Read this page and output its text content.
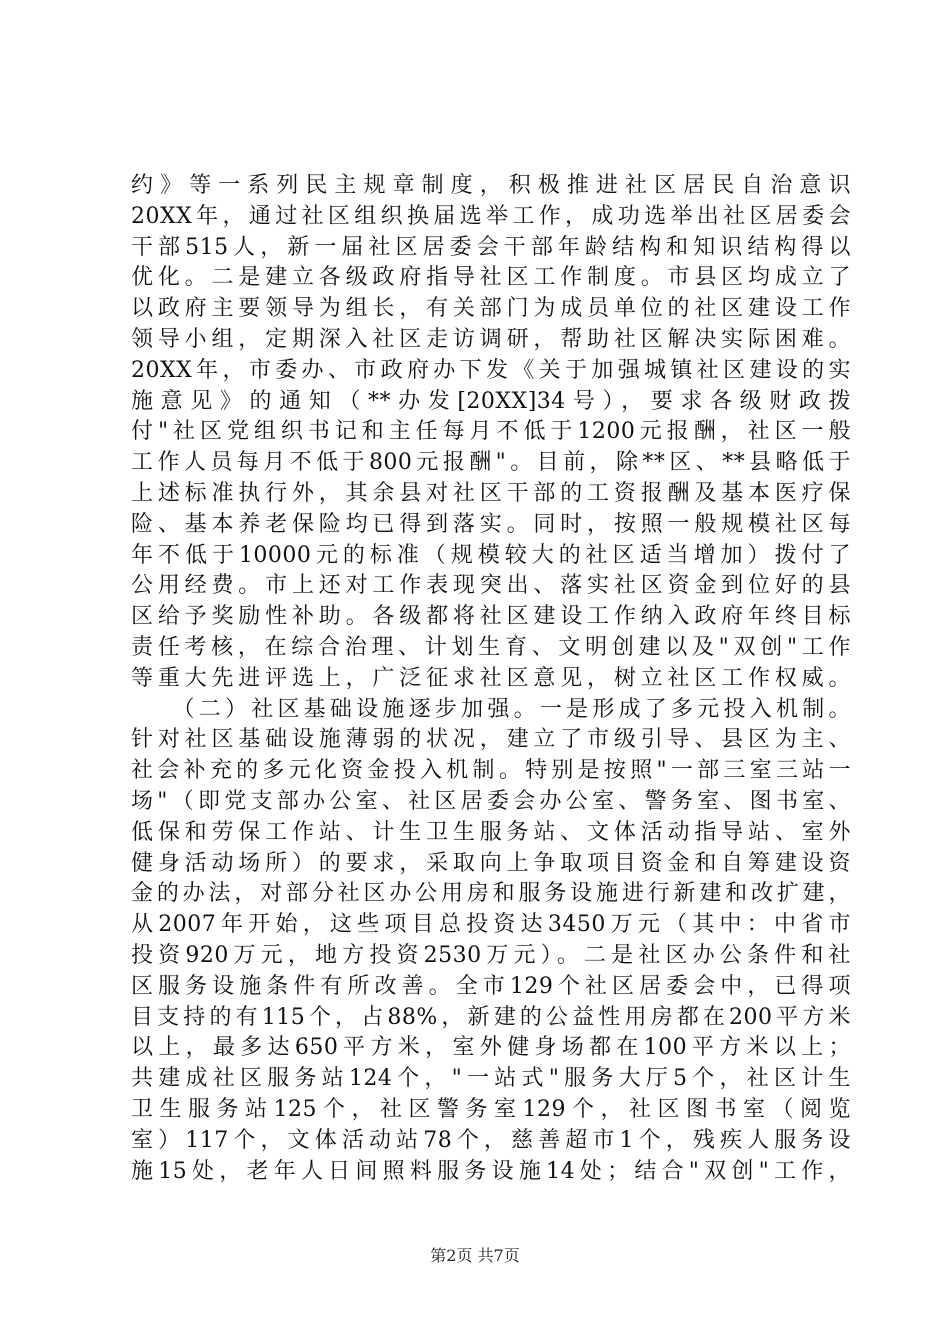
约》等一系列民主规章制度，积极推进社区居民自治意识
20XX年，通过社区组织换届选举工作，成功选举出社区居委会
干部515人，新一届社区居委会干部年龄结构和知识结构得以
优化。二是建立各级政府指导社区工作制度。市县区均成立了
以政府主要领导为组长，有关部门为成员单位的社区建设工作
领导小组，定期深入社区走访调研，帮助社区解决实际困难。
20XX年，市委办、市政府办下发《关于加强城镇社区建设的实
施意见》的通知（**办发[20XX]34号），要求各级财政拨
付"社区党组织书记和主任每月不低于1200元报酬，社区一般
工作人员每月不低于800元报酬"。目前，除**区、**县略低于
上述标准执行外，其余县对社区干部的工资报酬及基本医疗保
险、基本养老保险均已得到落实。同时，按照一般规模社区每
年不低于10000元的标准（规模较大的社区适当增加）拨付了
公用经费。市上还对工作表现突出、落实社区资金到位好的县
区给予奖励性补助。各级都将社区建设工作纳入政府年终目标
责任考核，在综合治理、计划生育、文明创建以及"双创"工作
等重大先进评选上，广泛征求社区意见，树立社区工作权威。
　　（二）社区基础设施逐步加强。一是形成了多元投入机制。
针对社区基础设施薄弱的状况，建立了市级引导、县区为主、
社会补充的多元化资金投入机制。特别是按照"一部三室三站一
场"（即党支部办公室、社区居委会办公室、警务室、图书室、
低保和劳保工作站、计生卫生服务站、文体活动指导站、室外
健身活动场所）的要求，采取向上争取项目资金和自筹建设资
金的办法，对部分社区办公用房和服务设施进行新建和改扩建，
从2007年开始，这些项目总投资达3450万元（其中：中省市
投资920万元，地方投资2530万元）。二是社区办公条件和社
区服务设施条件有所改善。全市129个社区居委会中，已得项
目支持的有115个，占88%，新建的公益性用房都在200平方米
以上，最多达650平方米，室外健身场都在100平方米以上；
共建成社区服务站124个，"一站式"服务大厅5个，社区计生
卫生服务站125个，社区警务室129个，社区图书室（阅览
室）117个，文体活动站78个，慈善超市1个，残疾人服务设
施15处，老年人日间照料服务设施14处；结合"双创"工作，
第2页 共7页
